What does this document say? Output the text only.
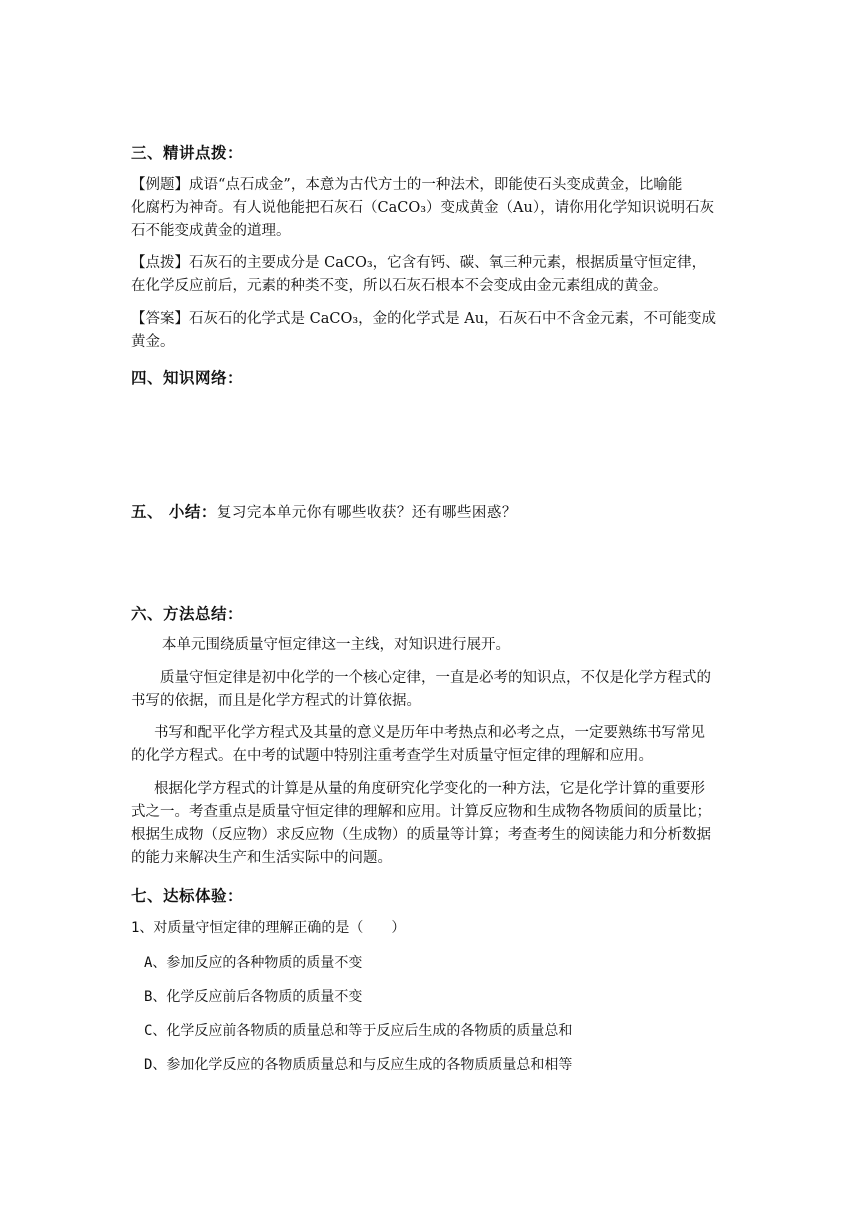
三、精讲点拨：
【例题】成语“点石成金”，本意为古代方士的一种法术，即能使石头变成黄金，比喻能
化腐朽为神奇。有人说他能把石灰石（CaCO₃）变成黄金（Au），请你用化学知识说明石灰
石不能变成黄金的道理。
【点拨】石灰石的主要成分是 CaCO₃，它含有钙、碳、氧三种元素，根据质量守恒定律，
在化学反应前后，元素的种类不变，所以石灰石根本不会变成由金元素组成的黄金。
【答案】石灰石的化学式是 CaCO₃，金的化学式是 Au，石灰石中不含金元素，不可能变成
黄金。
四、知识网络：
五、 小结：复习完本单元你有哪些收获？还有哪些困惑？
六、方法总结：
本单元围绕质量守恒定律这一主线，对知识进行展开。
质量守恒定律是初中化学的一个核心定律，一直是必考的知识点，不仅是化学方程式的
书写的依据，而且是化学方程式的计算依据。
书写和配平化学方程式及其量的意义是历年中考热点和必考之点，一定要熟练书写常见
的化学方程式。在中考的试题中特别注重考查学生对质量守恒定律的理解和应用。
根据化学方程式的计算是从量的角度研究化学变化的一种方法，它是化学计算的重要形
式之一。考查重点是质量守恒定律的理解和应用。计算反应物和生成物各物质间的质量比；
根据生成物（反应物）求反应物（生成物）的质量等计算；考查考生的阅读能力和分析数据
的能力来解决生产和生活实际中的问题。
七、达标体验：
1、对质量守恒定律的理解正确的是（　　）
A、参加反应的各种物质的质量不变
B、化学反应前后各物质的质量不变
C、化学反应前各物质的质量总和等于反应后生成的各物质的质量总和
D、参加化学反应的各物质质量总和与反应生成的各物质质量总和相等
